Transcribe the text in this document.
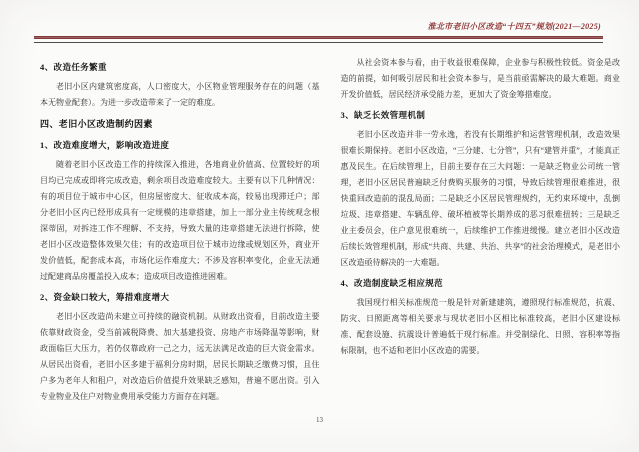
淮北市老旧小区改造“十四五”规划(2021—2025)
4、改造任务繁重

老旧小区内建筑密度高，人口密度大，小区物业管理服务存在的问题（基本无物业配套）。为进一步改造带来了一定的难度。

四、老旧小区改造制约因素
1、改造难度增大，影响改造进度

随着老旧小区改造工作的持续深入推进，各地商业价值高、位置较好的项目均已完成或即将完成改造，剩余项目改造难度较大。主要有以下几种情况：有的项目位于城市中心区，但房屋密度大、征收成本高，较易出现滞迁户；部分老旧小区内已经形成具有一定规模的违章搭建，加上一部分业主传统观念根深蒂固，对拆违工作不理解、不支持，导致大量的违章搭建无法进行拆除，使老旧小区改造整体效果欠佳；有的改造项目位于城市边缘或规划区外，商业开发价值低，配套成本高，市场化运作难度大；不涉及容积率变化，企业无法通过配建商品房覆盖投入成本；造成项目改造推进困难。

2、资金缺口较大，筹措难度增大

老旧小区改造尚未建立可持续的融资机制。从财政出资看，目前改造主要依靠财政资金，受当前减税降费、加大基建投资、房地产市场降温等影响，财政面临巨大压力，若仍仅靠政府一己之力，远无法满足改造的巨大资金需求。从居民出资看，老旧小区多建于福利分房时期，居民长期缺乏缴费习惯，且住户多为老年人和租户，对改造后价值提升效果缺乏感知，普遍不愿出资。引入专业物业及住户对物业费用承受能力方面存在问题。

从社会资本参与看，由于收益很难保障，企业参与积极性较低。资金是改造的前提，如何吸引居民和社会资本参与，是当前亟需解决的最大难题。商业开发价值低，居民经济承受能力差，更加大了资金筹措难度。

3、缺乏长效管理机制

老旧小区改造并非一劳永逸，若没有长期维护和运营管理机制，改造效果很难长期保持。老旧小区改造，“三分建、七分管”，只有“建管并重”，才能真正惠及民生。在后续管理上，目前主要存在三大问题：一是缺乏物业公司统一管理，老旧小区居民普遍缺乏付费购买服务的习惯，导致后续管理很难推进，很快重回改造前的混乱局面；二是缺乏小区居民管理规约，无约束环境中，乱倒垃圾、违章搭建、车辆乱停、破坏植被等长期养成的恶习很难扭转；三是缺乏业主委员会，住户意见很难统一，后续维护工作推进缓慢。建立老旧小区改造后续长效管理机制，形成“共商、共建、共治、共享”的社会治理模式，是老旧小区改造亟待解决的一大难题。

4、改造制度缺乏相应规范

我国现行相关标准规范一般是针对新建建筑，遵照现行标准规范，抗震、防灾、日照距离等相关要求与现状老旧小区相比标准较高，老旧小区建设标准、配套设施、抗震设计普遍低于现行标准。并受制绿化、日照、容积率等指标限制，也不适和老旧小区改造的需要。

13
